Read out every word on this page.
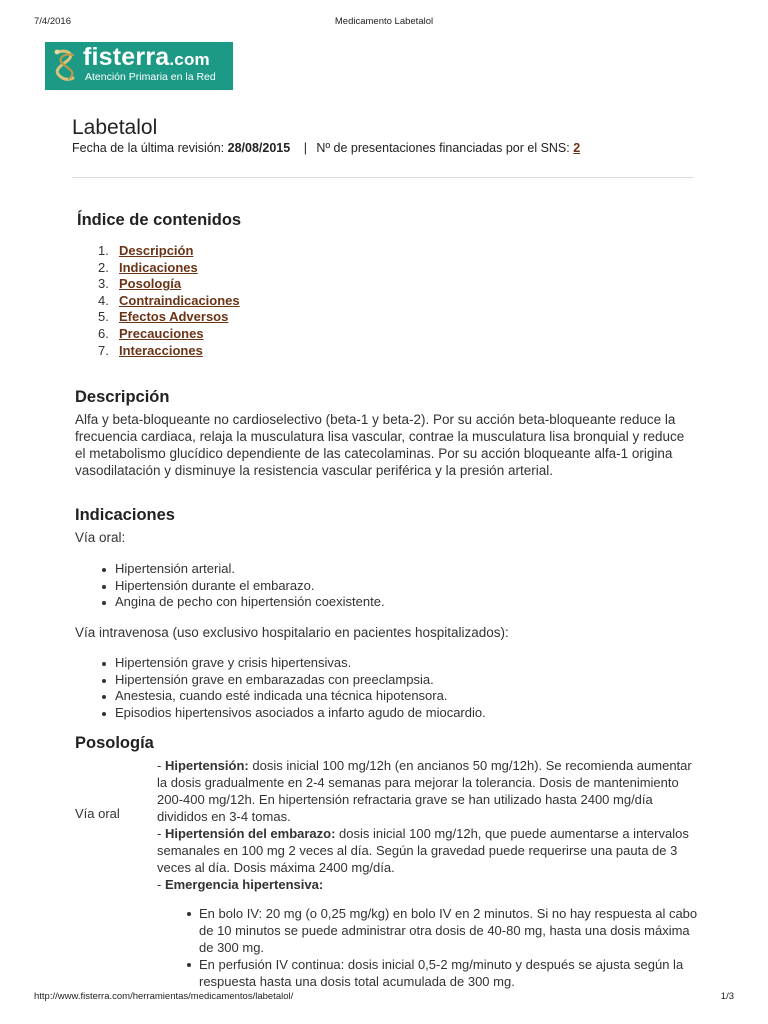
7/4/2016	Medicamento Labetalol
fisterra.com
Atención Primaria en la Red
Labetalol
Fecha de la última revisión: 28/08/2015 | Nº de presentaciones financiadas por el SNS: 2
Índice de contenidos
1. Descripción
2. Indicaciones
3. Posología
4. Contraindicaciones
5. Efectos Adversos
6. Precauciones
7. Interacciones
Descripción

Alfa y beta-bloqueante no cardioselectivo (beta-1 y beta-2). Por su acción beta-bloqueante reduce la frecuencia cardiaca, relaja la musculatura lisa vascular, contrae la musculatura lisa bronquial y reduce el metabolismo glucídico dependiente de las catecolaminas. Por su acción bloqueante alfa-1 origina vasodilatación y disminuye la resistencia vascular periférica y la presión arterial.

Indicaciones

Vía oral:

Hipertensión arterial.
Hipertensión durante el embarazo.
Angina de pecho con hipertensión coexistente.

Vía intravenosa (uso exclusivo hospitalario en pacientes hospitalizados):

Hipertensión grave y crisis hipertensivas.
Hipertensión grave en embarazadas con preeclampsia.
Anestesia, cuando esté indicada una técnica hipotensora.
Episodios hipertensivos asociados a infarto agudo de miocardio.
Posología
Vía oral

- Hipertensión: dosis inicial 100 mg/12h (en ancianos 50 mg/12h). Se recomienda aumentar la dosis gradualmente en 2-4 semanas para mejorar la tolerancia. Dosis de mantenimiento 200-400 mg/12h. En hipertensión refractaria grave se han utilizado hasta 2400 mg/día divididos en 3-4 tomas.

- Hipertensión del embarazo: dosis inicial 100 mg/12h, que puede aumentarse a intervalos semanales en 100 mg 2 veces al día. Según la gravedad puede requerirse una pauta de 3 veces al día. Dosis máxima 2400 mg/día.

- Emergencia hipertensiva:

En bolo IV: 20 mg (o 0,25 mg/kg) en bolo IV en 2 minutos. Si no hay respuesta al cabo de 10 minutos se puede administrar otra dosis de 40-80 mg, hasta una dosis máxima de 300 mg.
En perfusión IV continua: dosis inicial 0,5-2 mg/minuto y después se ajusta según la respuesta hasta una dosis total acumulada de 300 mg.
http://www.fisterra.com/herramientas/medicamentos/labetalol/	1/3
